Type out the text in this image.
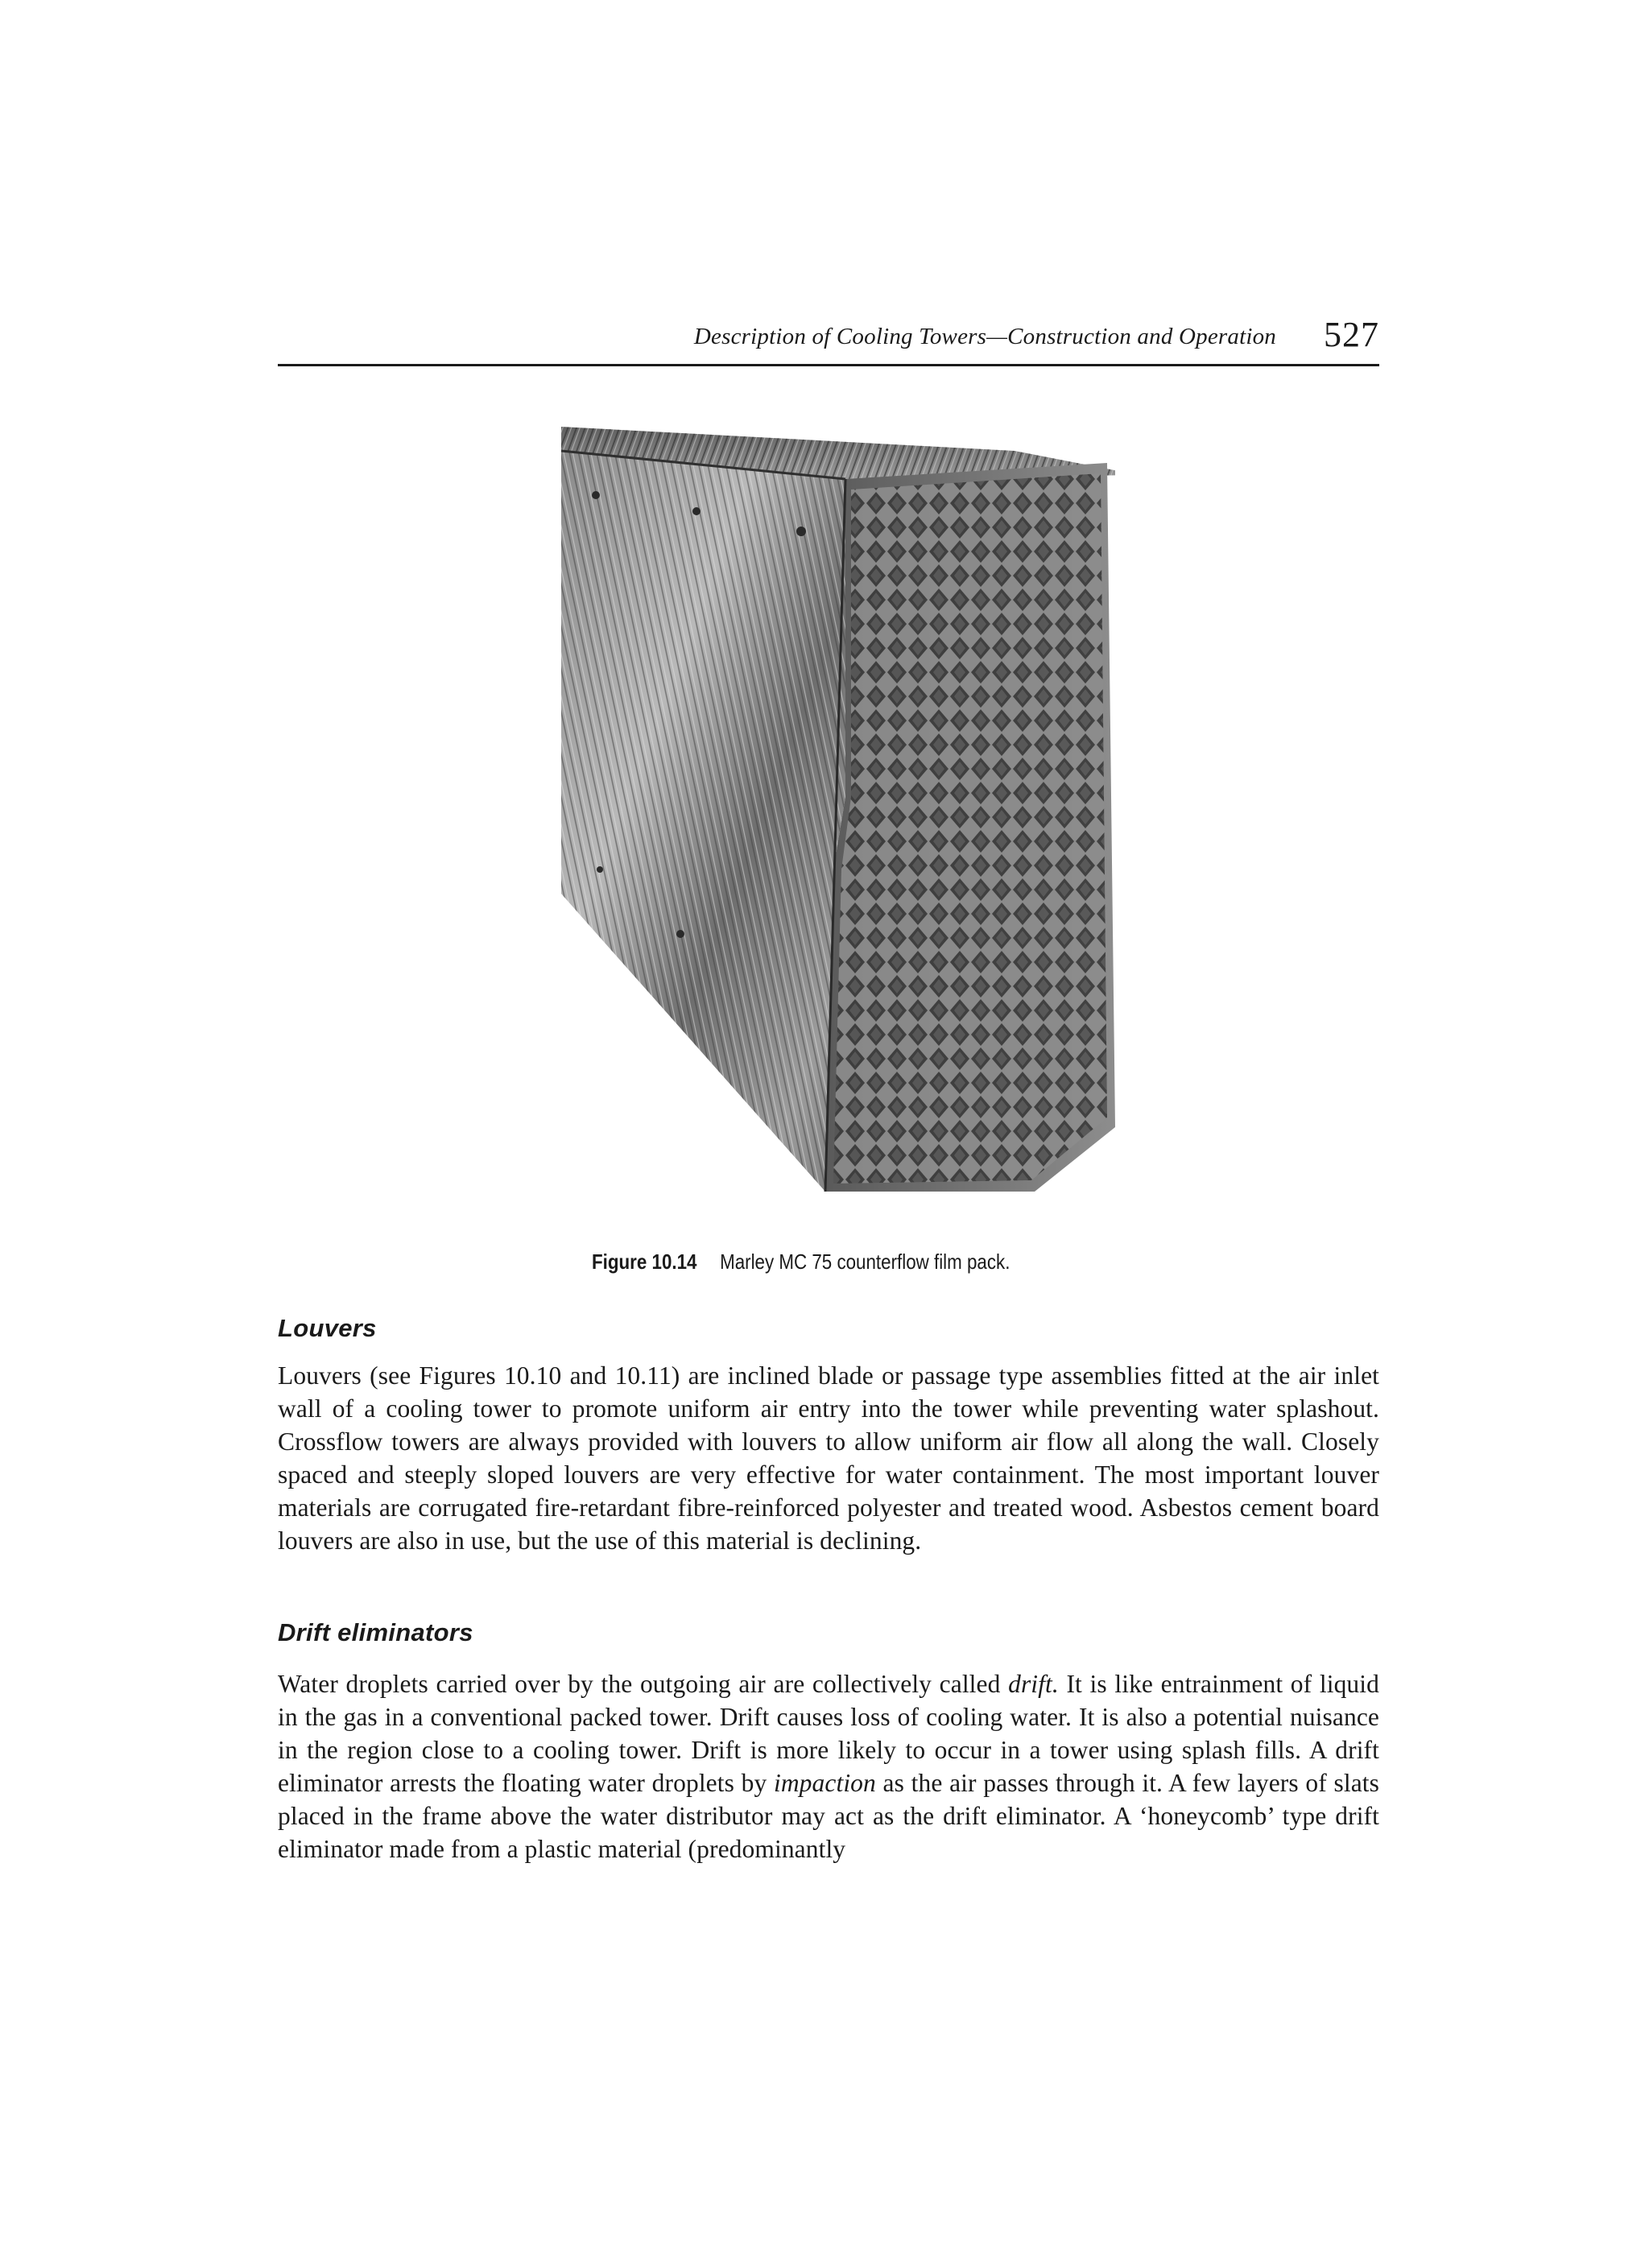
Description of Cooling Towers—Construction and Operation 527
Figure 10.14 Marley MC 75 counterflow film pack.
Louvers

Louvers (see Figures 10.10 and 10.11) are inclined blade or passage type assemblies fitted at the air inlet wall of a cooling tower to promote uniform air entry into the tower while preventing water splashout. Crossflow towers are always provided with louvers to allow uniform air flow all along the wall. Closely spaced and steeply sloped louvers are very effective for water containment. The most important louver materials are corrugated fire-retardant fibre-reinforced polyester and treated wood. Asbestos cement board louvers are also in use, but the use of this material is declining.

Drift eliminators

Water droplets carried over by the outgoing air are collectively called drift. It is like entrainment of liquid in the gas in a conventional packed tower. Drift causes loss of cooling water. It is also a potential nuisance in the region close to a cooling tower. Drift is more likely to occur in a tower using splash fills. A drift eliminator arrests the floating water droplets by impaction as the air passes through it. A few layers of slats placed in the frame above the water distributor may act as the drift eliminator. A ‘honeycomb’ type drift eliminator made from a plastic material (predominantly
